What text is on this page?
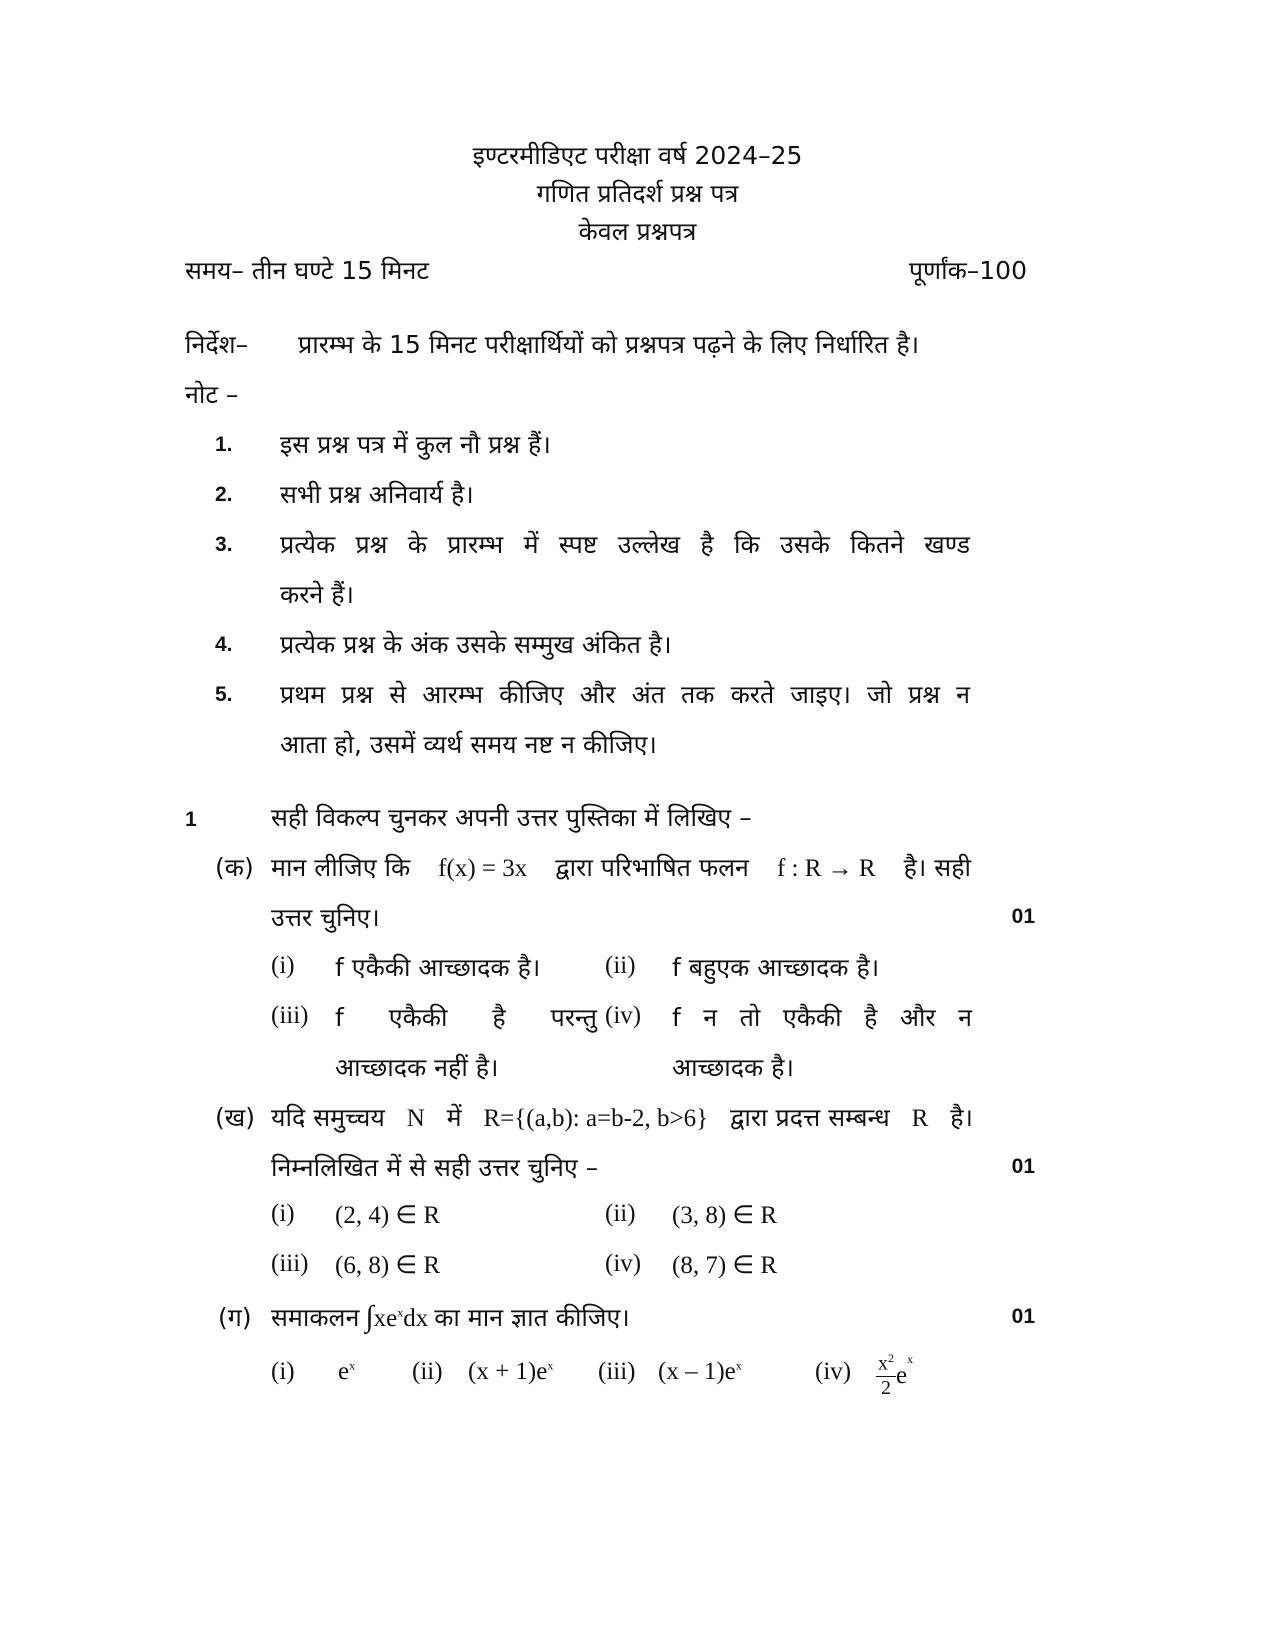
इण्टरमीडिएट परीक्षा वर्ष 2024–25
गणित प्रतिदर्श प्रश्न पत्र
केवल प्रश्नपत्र
समय– तीन घण्टे 15 मिनट	पूर्णांक–100
निर्देश– प्रारम्भ के 15 मिनट परीक्षार्थियों को प्रश्नपत्र पढ़ने के लिए निर्धारित है।
नोट –
1. इस प्रश्न पत्र में कुल नौ प्रश्न हैं।
2. सभी प्रश्न अनिवार्य है।
3. प्रत्येक प्रश्न के प्रारम्भ में स्पष्ट उल्लेख है कि उसके कितने खण्ड
करने हैं।
4. प्रत्येक प्रश्न के अंक उसके सम्मुख अंकित है।
5. प्रथम प्रश्न से आरम्भ कीजिए और अंत तक करते जाइए। जो प्रश्न न
आता हो, उसमें व्यर्थ समय नष्ट न कीजिए।
1	सही विकल्प चुनकर अपनी उत्तर पुस्तिका में लिखिए –
(क) मान लीजिए कि f(x) = 3x द्वारा परिभाषित फलन f : R → R है। सही
उत्तर चुनिए।	01
(i) f एकैकी आच्छादक है।	(ii) f बहुएक आच्छादक है।
(iii) f एकैकी है परन्तु
आच्छादक नहीं है।
(iv) f न तो एकैकी है और न
आच्छादक है।
(ख) यदि समुच्चय N में R={(a,b): a=b-2, b>6} द्वारा प्रदत्त सम्बन्ध R है।
निम्नलिखित में से सही उत्तर चुनिए –	01
(i) (2, 4) ∈ R	(ii) (3, 8) ∈ R
(iii) (6, 8) ∈ R	(iv) (8, 7) ∈ R
(ग) समाकलन $\int xe^xdx$ का मान ज्ञात कीजिए।	01
(i) $e^x$ (ii) $(x + 1)e^x$ (iii) $(x - 1)e^x$	$(iv) \frac{x^2}{2} e^x$
